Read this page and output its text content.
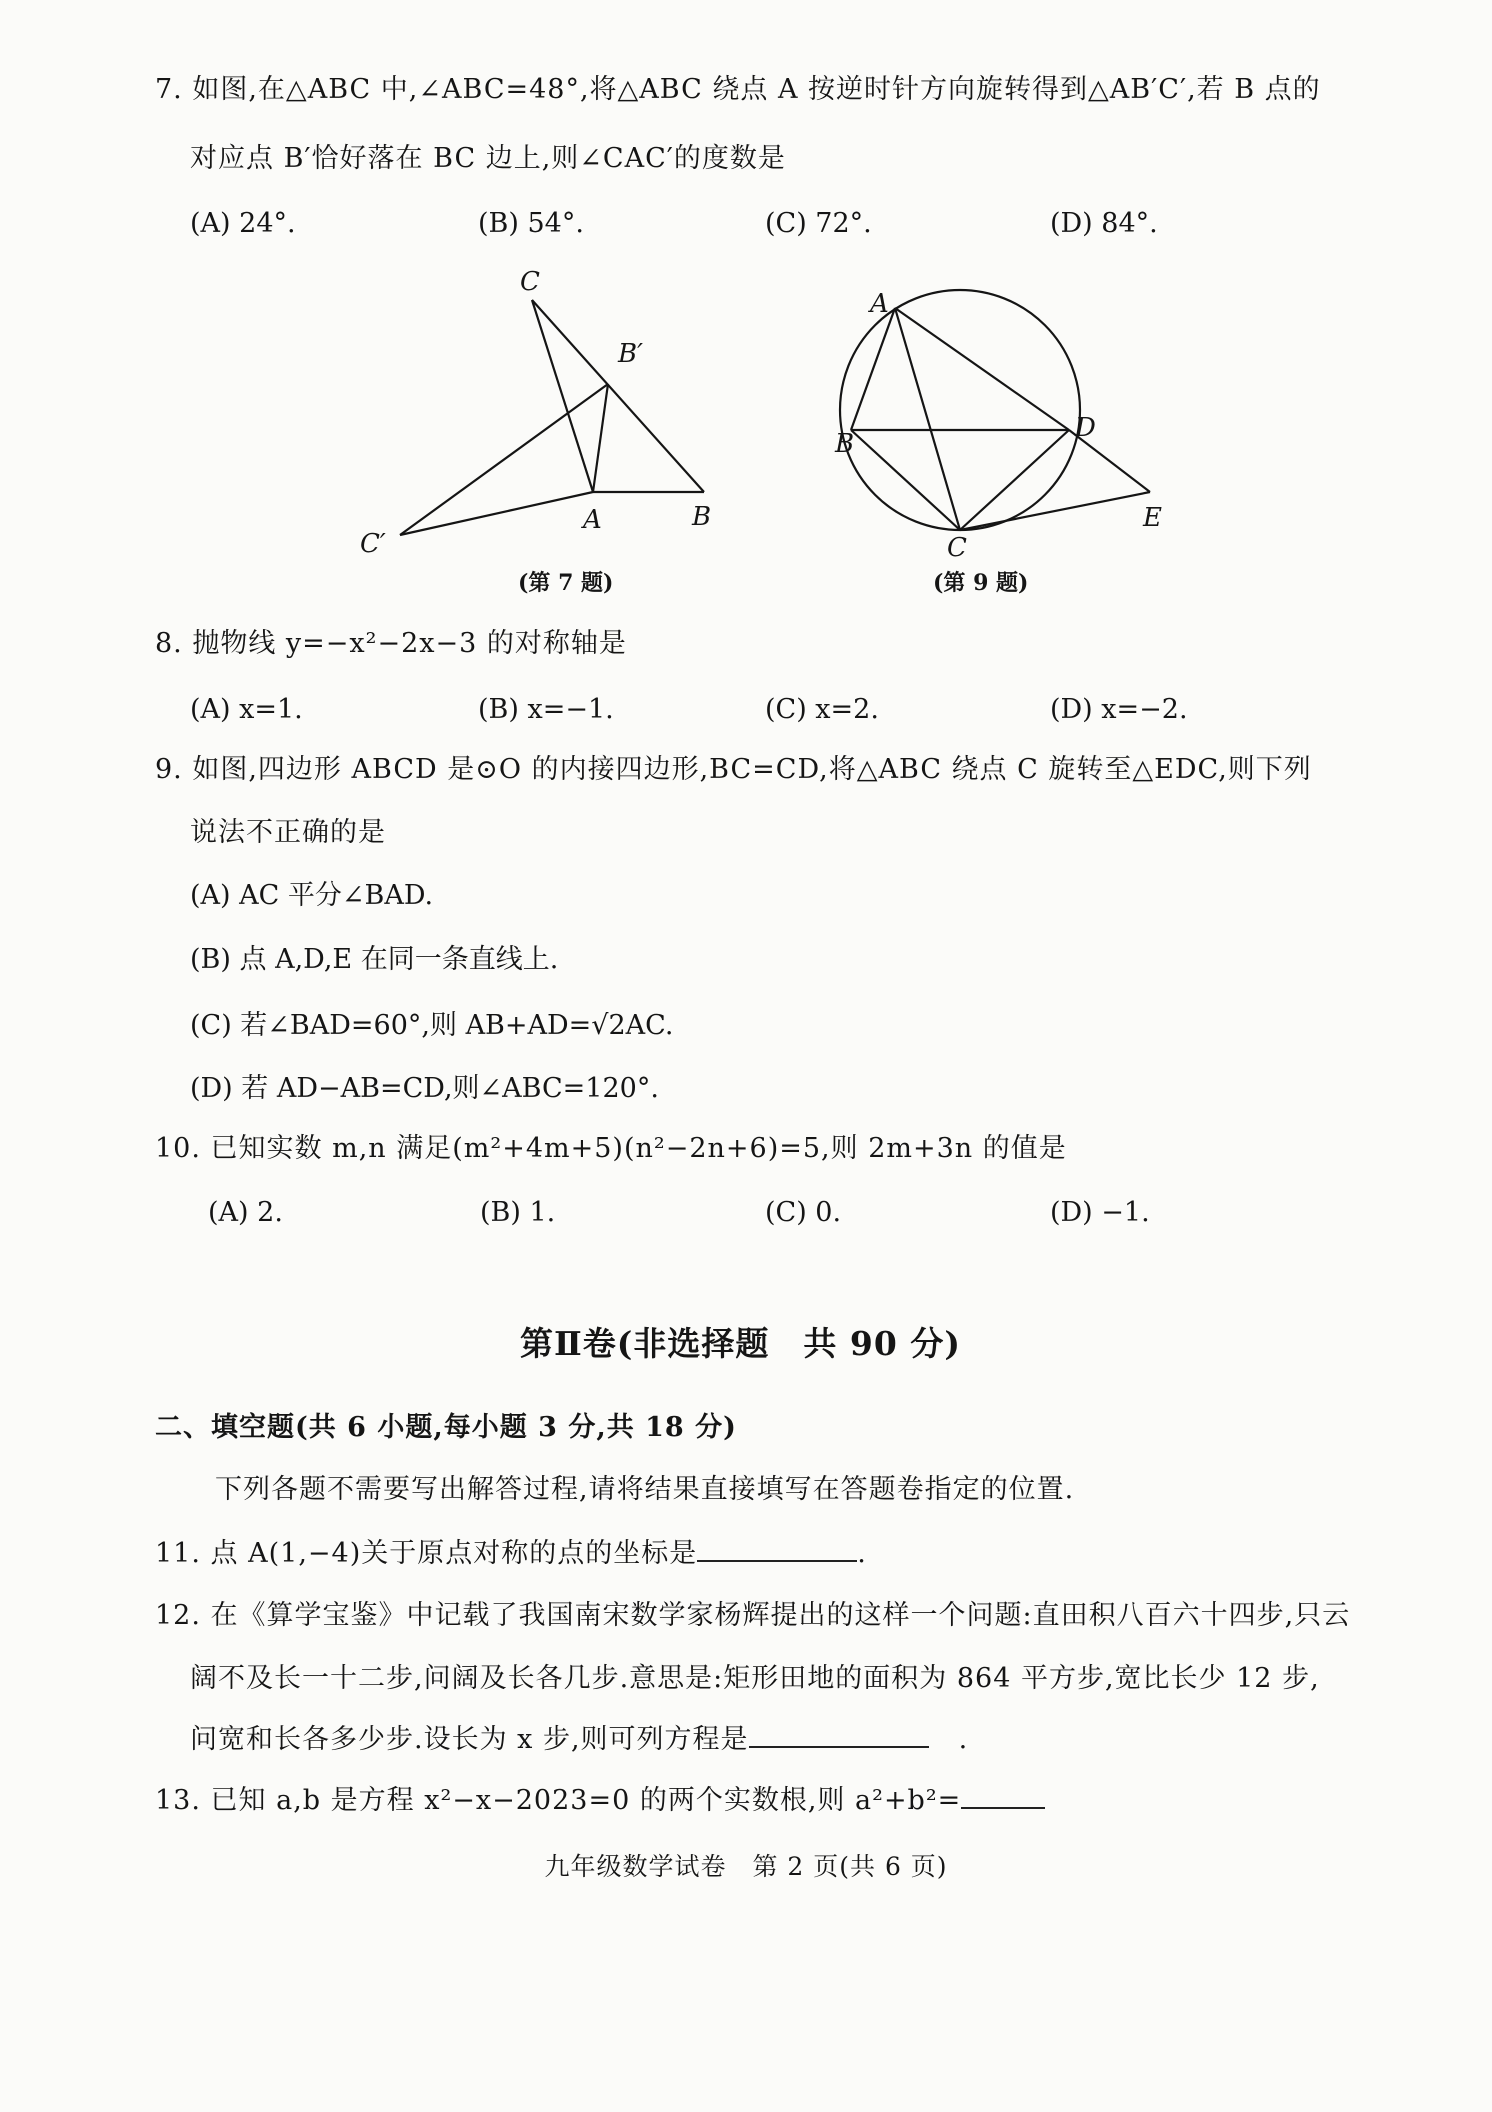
7. 如图,在△ABC 中,∠ABC=48°,将△ABC 绕点 A 按逆时针方向旋转得到△AB′C′,若 B 点的
对应点 B′恰好落在 BC 边上,则∠CAC′的度数是
(A) 24°.	(B) 54°.	(C) 72°.	(D) 84°.
C
B′
C′
A	B
(第 7 题)
A
B
D
C
E
(第 9 题)
8. 抛物线 y=−x²−2x−3 的对称轴是
(A) x=1.	(B) x=−1.	(C) x=2.	(D) x=−2.
9. 如图,四边形 ABCD 是⊙O 的内接四边形,BC=CD,将△ABC 绕点 C 旋转至△EDC,则下列
说法不正确的是
(A) AC 平分∠BAD.
(B) 点 A,D,E 在同一条直线上.
(C) 若∠BAD=60°,则 AB+AD=√2AC.
(D) 若 AD−AB=CD,则∠ABC=120°.
10. 已知实数 m,n 满足(m²+4m+5)(n²−2n+6)=5,则 2m+3n 的值是
(A) 2.	(B) 1.	(C) 0.	(D) −1.
第Ⅱ卷(非选择题　共 90 分)
二、填空题(共 6 小题,每小题 3 分,共 18 分)
下列各题不需要写出解答过程,请将结果直接填写在答题卷指定的位置.
11. 点 A(1,−4)关于原点对称的点的坐标是	.
12. 在《算学宝鉴》中记载了我国南宋数学家杨辉提出的这样一个问题:直田积八百六十四步,只云
阔不及长一十二步,问阔及长各几步.意思是:矩形田地的面积为 864 平方步,宽比长少 12 步,
问宽和长各多少步.设长为 x 步,则可列方程是	.
13. 已知 a,b 是方程 x²−x−2023=0 的两个实数根,则 a²+b²=
九年级数学试卷　第 2 页(共 6 页)
